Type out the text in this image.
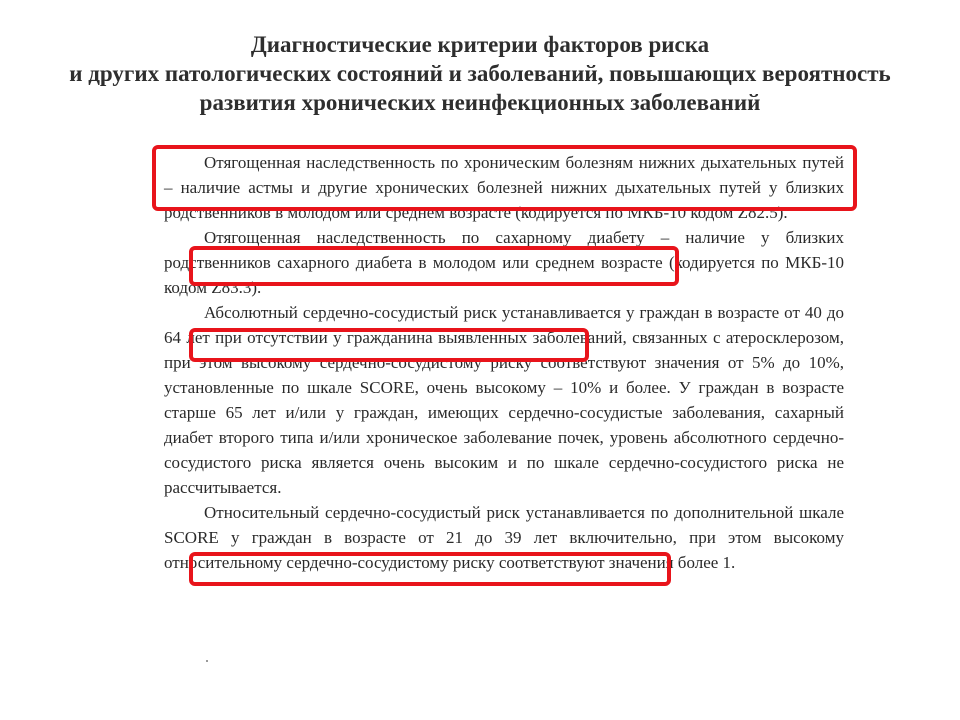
Диагностические критерии факторов риска
и других патологических состояний и заболеваний, повышающих вероятность
развития хронических неинфекционных заболеваний

Отягощенная наследственность по хроническим болезням нижних дыхательных путей – наличие астмы и другие хронических болезней нижних дыхательных путей у близких родственников в молодом или среднем возрасте (кодируется по МКБ-10 кодом Z82.5).

Отягощенная наследственность по сахарному диабету – наличие у близких родственников сахарного диабета в молодом или среднем возрасте (кодируется по МКБ-10 кодом Z83.3).

Абсолютный сердечно-сосудистый риск устанавливается у граждан в возрасте от 40 до 64 лет при отсутствии у гражданина выявленных заболеваний, связанных с атеросклерозом, при этом высокому сердечно-сосудистому риску соответствуют значения от 5% до 10%, установленные по шкале SCORE, очень высокому – 10% и более. У граждан в возрасте старше 65 лет и/или у граждан, имеющих сердечно-сосудистые заболевания, сахарный диабет второго типа и/или хроническое заболевание почек, уровень абсолютного сердечно-сосудистого риска является очень высоким и по шкале сердечно-сосудистого риска не рассчитывается.

Относительный сердечно-сосудистый риск устанавливается по дополнительной шкале SCORE у граждан в возрасте от 21 до 39 лет включительно, при этом высокому относительному сердечно-сосудистому риску соответствуют значения более 1.
